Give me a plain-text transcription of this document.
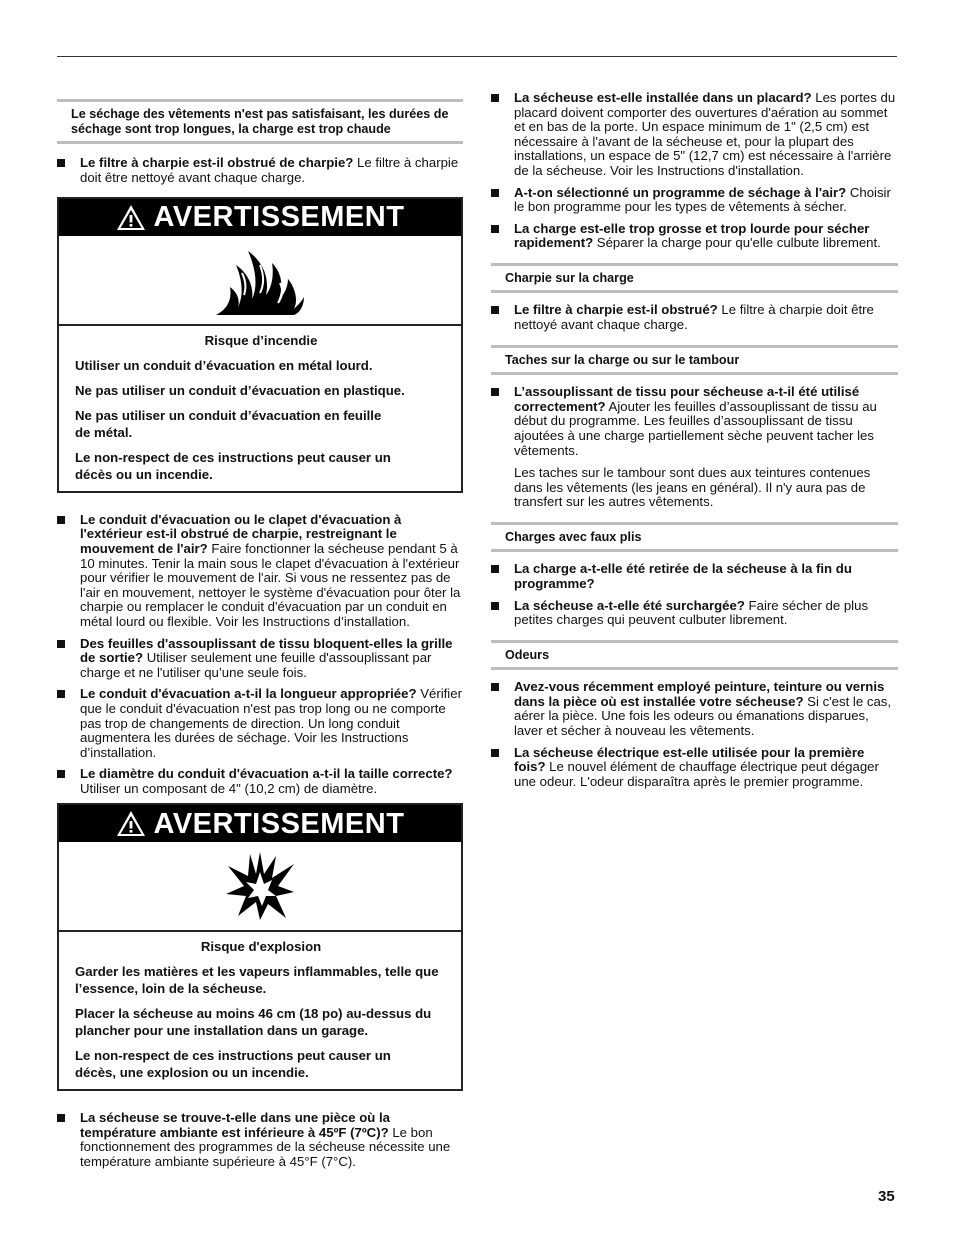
Le séchage des vêtements n'est pas satisfaisant, les durées de séchage sont trop longues, la charge est trop chaude
Le filtre à charpie est-il obstrué de charpie? Le filtre à charpie doit être nettoyé avant chaque charge.
AVERTISSEMENT
Risque d’incendie

Utiliser un conduit d’évacuation en métal lourd.

Ne pas utiliser un conduit d’évacuation en plastique.

Ne pas utiliser un conduit d’évacuation en feuille de métal.

Le non-respect de ces instructions peut causer un décès ou un incendie.

Le conduit d'évacuation ou le clapet d'évacuation à l'extérieur est-il obstrué de charpie, restreignant le mouvement de l'air? Faire fonctionner la sécheuse pendant 5 à 10 minutes. Tenir la main sous le clapet d'évacuation à l'extérieur pour vérifier le mouvement de l'air. Si vous ne ressentez pas de l'air en mouvement, nettoyer le système d'évacuation pour ôter la charpie ou remplacer le conduit d'évacuation par un conduit en métal lourd ou flexible. Voir les Instructions d’installation.
Des feuilles d'assouplissant de tissu bloquent-elles la grille de sortie? Utiliser seulement une feuille d'assouplissant par charge et ne l'utiliser qu’une seule fois.
Le conduit d'évacuation a-t-il la longueur appropriée? Vérifier que le conduit d'évacuation n'est pas trop long ou ne comporte pas trop de changements de direction. Un long conduit augmentera les durées de séchage. Voir les Instructions d’installation.
Le diamètre du conduit d'évacuation a-t-il la taille correcte? Utiliser un composant de 4" (10,2 cm) de diamètre.
AVERTISSEMENT
Risque d'explosion

Garder les matières et les vapeurs inflammables, telle que l’essence, loin de la sécheuse.

Placer la sécheuse au moins 46 cm (18 po) au-dessus du plancher pour une installation dans un garage.

Le non-respect de ces instructions peut causer un décès, une explosion ou un incendie.

La sécheuse se trouve-t-elle dans une pièce où la température ambiante est inférieure à 45ºF (7ºC)? Le bon fonctionnement des programmes de la sécheuse nécessite une température ambiante supérieure à 45°F (7°C).
La sécheuse est-elle installée dans un placard? Les portes du placard doivent comporter des ouvertures d'aération au sommet et en bas de la porte. Un espace minimum de 1" (2,5 cm) est nécessaire à l'avant de la sécheuse et, pour la plupart des installations, un espace de 5" (12,7 cm) est nécessaire à l'arrière de la sécheuse. Voir les Instructions d'installation.
A-t-on sélectionné un programme de séchage à l'air? Choisir le bon programme pour les types de vêtements à sécher.
La charge est-elle trop grosse et trop lourde pour sécher rapidement? Séparer la charge pour qu'elle culbute librement.
Charpie sur la charge
Le filtre à charpie est-il obstrué? Le filtre à charpie doit être nettoyé avant chaque charge.
Taches sur la charge ou sur le tambour
L’assouplissant de tissu pour sécheuse a-t-il été utilisé correctement? Ajouter les feuilles d’assouplissant de tissu au début du programme. Les feuilles d’assouplissant de tissu ajoutées à une charge partiellement sèche peuvent tacher les vêtements.
Les taches sur le tambour sont dues aux teintures contenues dans les vêtements (les jeans en général). Il n'y aura pas de transfert sur les autres vêtements.
Charges avec faux plis
La charge a-t-elle été retirée de la sécheuse à la fin du programme?
La sécheuse a-t-elle été surchargée? Faire sécher de plus petites charges qui peuvent culbuter librement.
Odeurs
Avez-vous récemment employé peinture, teinture ou vernis dans la pièce où est installée votre sécheuse? Si c'est le cas, aérer la pièce. Une fois les odeurs ou émanations disparues, laver et sécher à nouveau les vêtements.
La sécheuse électrique est-elle utilisée pour la première fois? Le nouvel élément de chauffage électrique peut dégager une odeur. L'odeur disparaîtra après le premier programme.
35
